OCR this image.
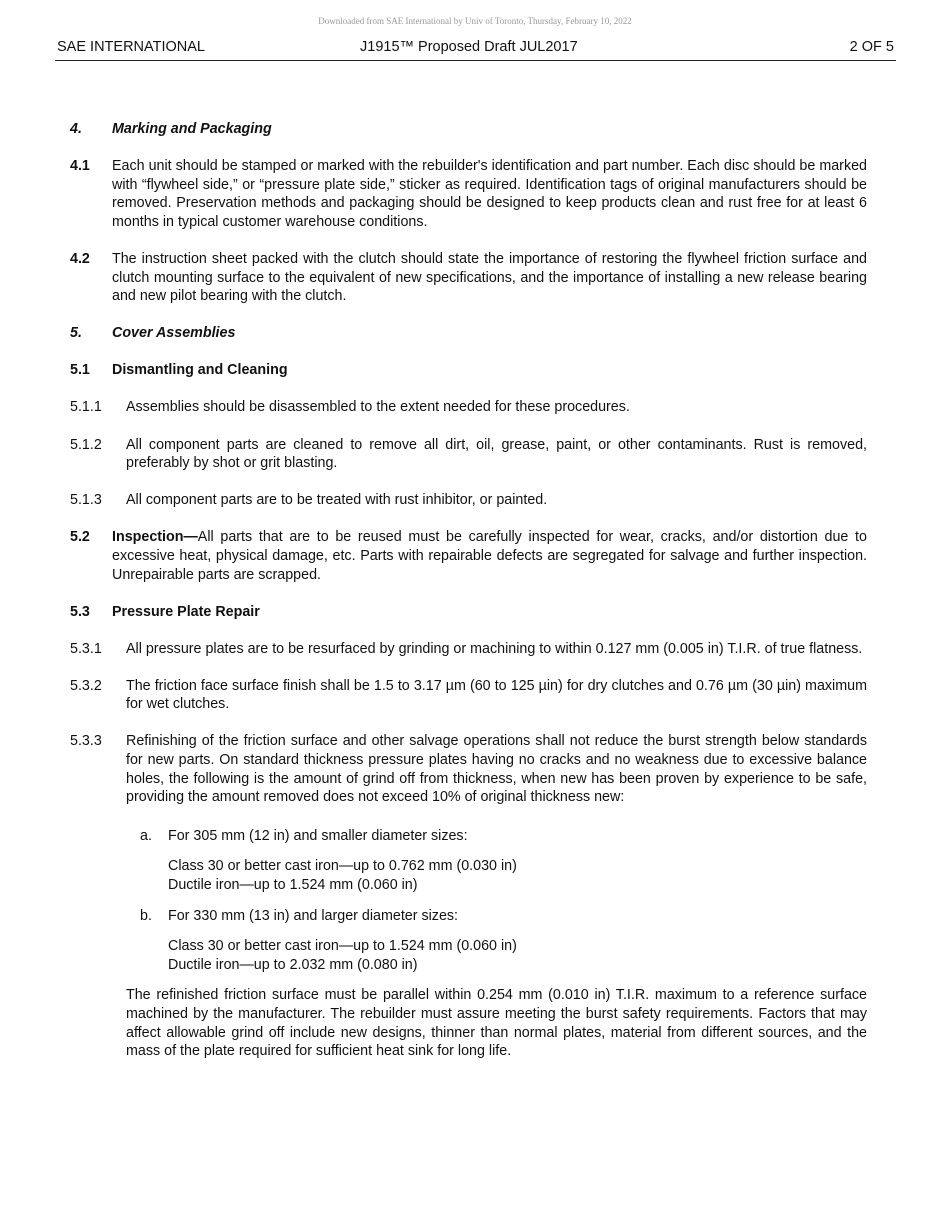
Downloaded from SAE International by Univ of Toronto, Thursday, February 10, 2022
SAE INTERNATIONAL	J1915™ Proposed Draft JUL2017	2 OF 5
4.	Marking and Packaging
4.1	Each unit should be stamped or marked with the rebuilder's identification and part number. Each disc should be marked with “flywheel side,” or “pressure plate side,” sticker as required. Identification tags of original manufacturers should be removed. Preservation methods and packaging should be designed to keep products clean and rust free for at least 6 months in typical customer warehouse conditions.
4.2	The instruction sheet packed with the clutch should state the importance of restoring the flywheel friction surface and clutch mounting surface to the equivalent of new specifications, and the importance of installing a new release bearing and new pilot bearing with the clutch.
5.	Cover Assemblies
5.1	Dismantling and Cleaning
5.1.1	Assemblies should be disassembled to the extent needed for these procedures.
5.1.2	All component parts are cleaned to remove all dirt, oil, grease, paint, or other contaminants. Rust is removed, preferably by shot or grit blasting.
5.1.3	All component parts are to be treated with rust inhibitor, or painted.
5.2	Inspection—All parts that are to be reused must be carefully inspected for wear, cracks, and/or distortion due to excessive heat, physical damage, etc. Parts with repairable defects are segregated for salvage and further inspection. Unrepairable parts are scrapped.
5.3	Pressure Plate Repair
5.3.1	All pressure plates are to be resurfaced by grinding or machining to within 0.127 mm (0.005 in) T.I.R. of true flatness.
5.3.2	The friction face surface finish shall be 1.5 to 3.17 µm (60 to 125 µin) for dry clutches and 0.76 µm (30 µin) maximum for wet clutches.
5.3.3	Refinishing of the friction surface and other salvage operations shall not reduce the burst strength below standards for new parts. On standard thickness pressure plates having no cracks and no weakness due to excessive balance holes, the following is the amount of grind off from thickness, when new has been proven by experience to be safe, providing the amount removed does not exceed 10% of original thickness new:
a.	For 305 mm (12 in) and smaller diameter sizes:
Class 30 or better cast iron—up to 0.762 mm (0.030 in)
Ductile iron—up to 1.524 mm (0.060 in)
b.	For 330 mm (13 in) and larger diameter sizes:
Class 30 or better cast iron—up to 1.524 mm (0.060 in)
Ductile iron—up to 2.032 mm (0.080 in)
The refinished friction surface must be parallel within 0.254 mm (0.010 in) T.I.R. maximum to a reference surface machined by the manufacturer. The rebuilder must assure meeting the burst safety requirements. Factors that may affect allowable grind off include new designs, thinner than normal plates, material from different sources, and the mass of the plate required for sufficient heat sink for long life.
